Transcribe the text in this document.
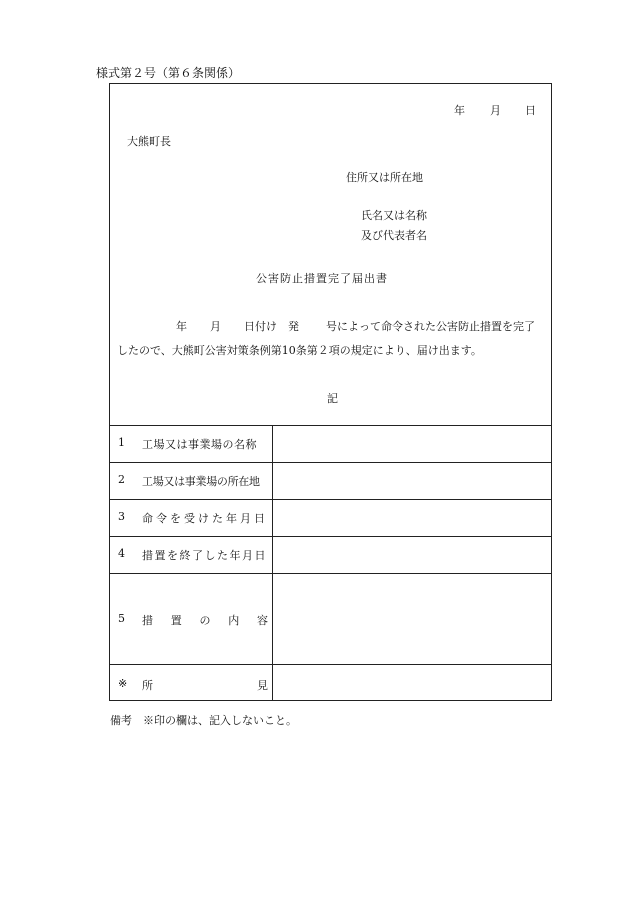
様式第２号（第６条関係）
年 月 日
大熊町長
住所又は所在地
氏名又は名称
及び代表者名
公害防止措置完了届出書
年 月 日付け　発 号によって命令された公害防止措置を完了
したので、大熊町公害対策条例第10条第２項の規定により、届け出ます。
記
1 工場又は事業場の名称
2 工場又は事業場の所在地
3 命令を受けた年月日
4 措置を終了した年月日
5 措 置 の 内 容
※ 所	見
備考　※印の欄は、記入しないこと。
